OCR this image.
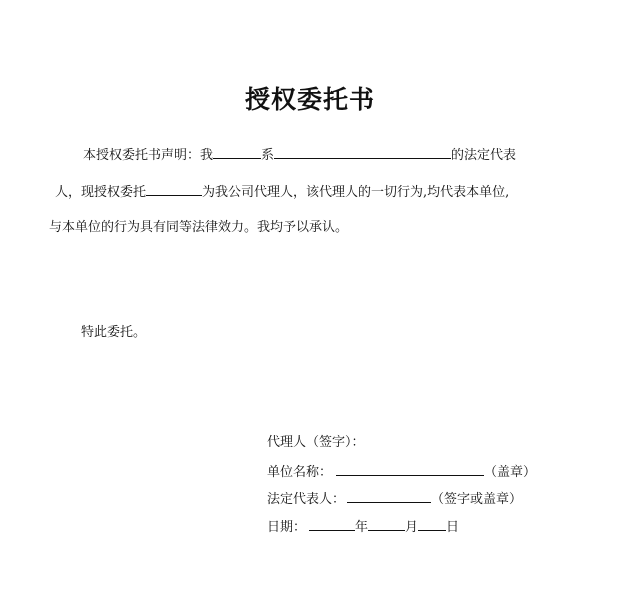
授权委托书
本授权委托书声明：我	系	的法定代表
人，现授权委托	为我公司代理人，该代理人的一切行为,均代表本单位,
与本单位的行为具有同等法律效力。我均予以承认。
特此委托。
代理人（签字）：
单位名称：	（盖章）
法定代表人：	（签字或盖章）
日期：	年	月 日
